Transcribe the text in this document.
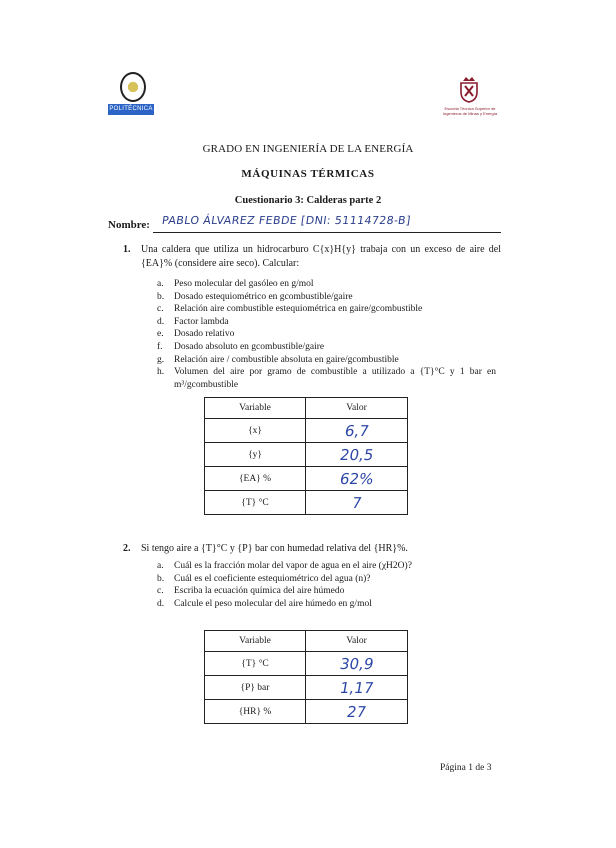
POLITÉCNICA	Escuela Técnica Superior de Ingenieros de Minas y Energía
GRADO EN INGENIERÍA DE LA ENERGÍA
MÁQUINAS TÉRMICAS
Cuestionario 3: Calderas parte 2
Nombre: PABLO ÁLVAREZ FEBDE [DNI: 51114728-B]
1. Una caldera que utiliza un hidrocarburo C{x}H{y} trabaja con un exceso de aire del {EA}% (considere aire seco). Calcular:
a. Peso molecular del gasóleo en g/mol
b. Dosado estequiométrico en gcombustible/gaire
c. Relación aire combustible estequiométrica en gaire/gcombustible
d. Factor lambda
e. Dosado relativo
f. Dosado absoluto en gcombustible/gaire
g. Relación aire / combustible absoluta en gaire/gcombustible
h. Volumen del aire por gramo de combustible a utilizado a {T}°C y 1 bar en m³/gcombustible
Variable	Valor
{x}	6,7
{y}	20,5
{EA} %	62%
{T} °C	7
2. Si tengo aire a {T}°C y {P} bar con humedad relativa del {HR}%.
a. Cuál es la fracción molar del vapor de agua en el aire (χH2O)?
b. Cuál es el coeficiente estequiométrico del agua (n)?
c. Escriba la ecuación química del aire húmedo
d. Calcule el peso molecular del aire húmedo en g/mol
Variable	Valor
{T} °C	30,9
{P} bar	1,17
{HR} %	27
Página 1 de 3
